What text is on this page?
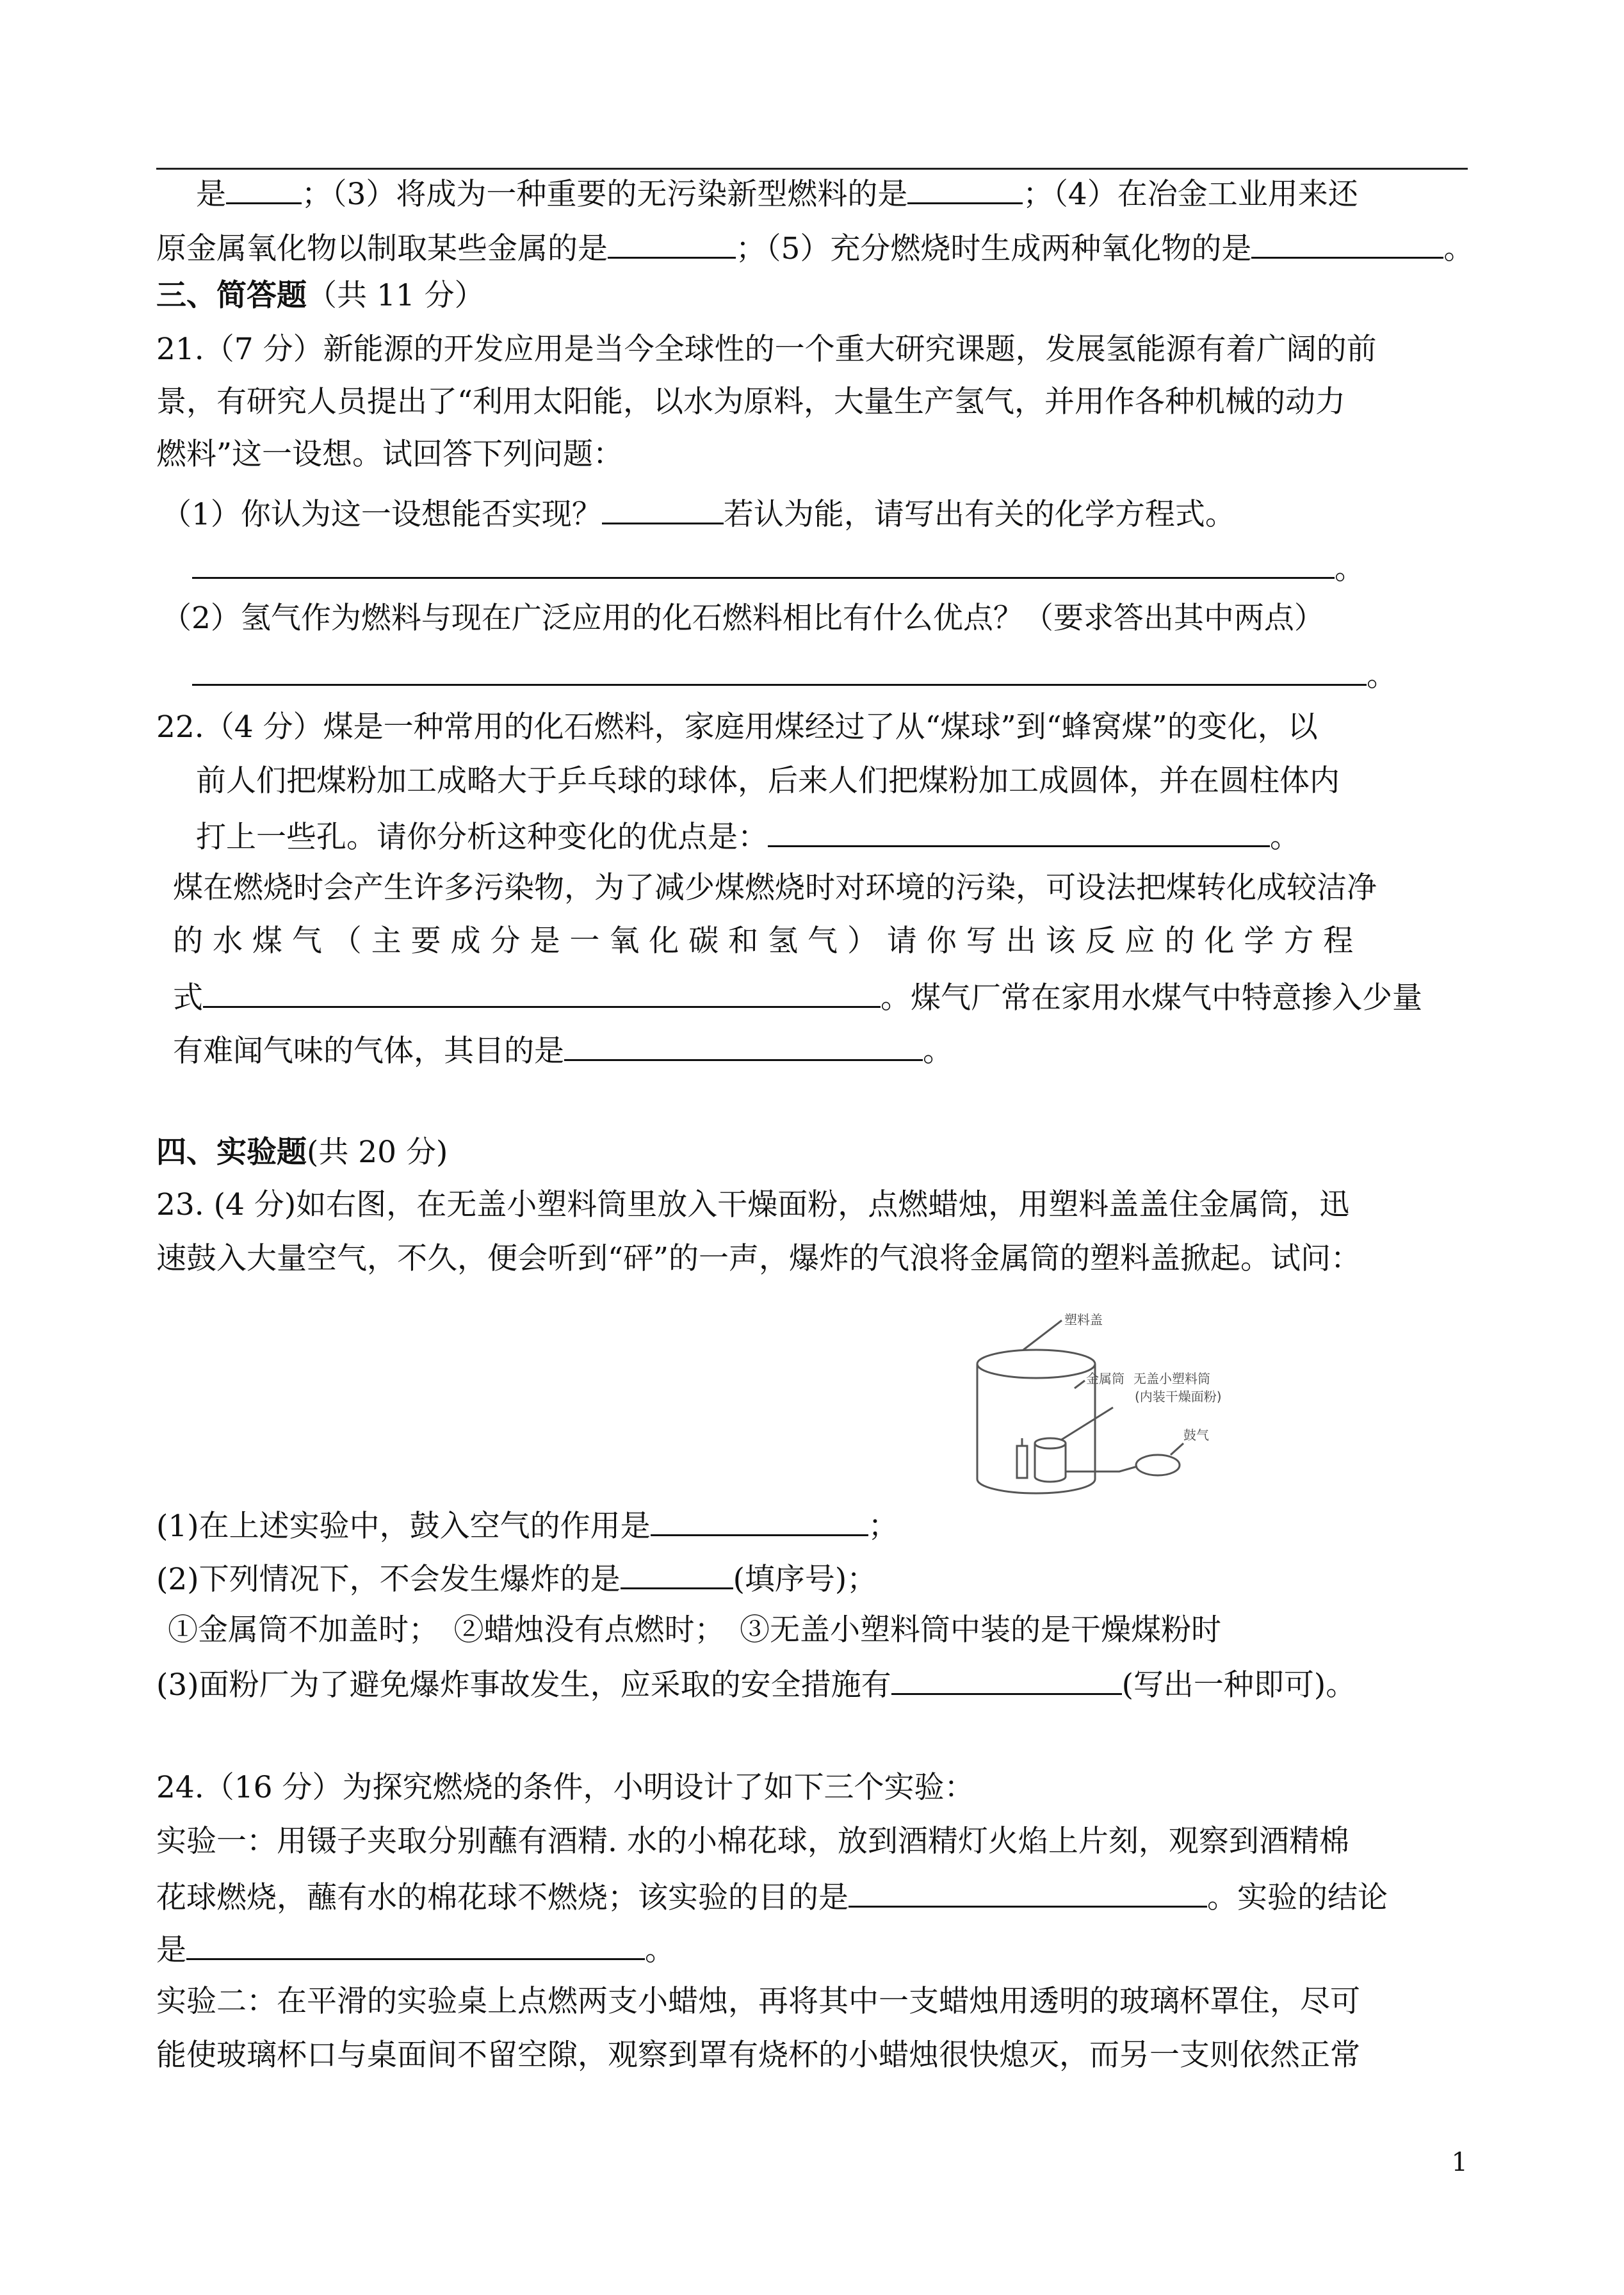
是	；（3）将成为一种重要的无污染新型燃料的是	；（4）在冶金工业用来还
原金属氧化物以制取某些金属的是	；（5）充分燃烧时生成两种氧化物的是	。
三、简答题（共 11 分）
21.（7 分）新能源的开发应用是当今全球性的一个重大研究课题，发展氢能源有着广阔的前
景，有研究人员提出了“利用太阳能，以水为原料，大量生产氢气，并用作各种机械的动力
燃料”这一设想。试回答下列问题：
（1）你认为这一设想能否实现？	若认为能，请写出有关的化学方程式。
。
（2）氢气作为燃料与现在广泛应用的化石燃料相比有什么优点？（要求答出其中两点）
。
22.（4 分）煤是一种常用的化石燃料，家庭用煤经过了从“煤球”到“蜂窝煤”的变化，以
前人们把煤粉加工成略大于乒乓球的球体，后来人们把煤粉加工成圆体，并在圆柱体内
打上一些孔。请你分析这种变化的优点是：	。
煤在燃烧时会产生许多污染物，为了减少煤燃烧时对环境的污染，可设法把煤转化成较洁净
的 水 煤 气 （ 主 要 成 分 是 一 氧 化 碳 和 氢 气 ） 请 你 写 出 该 反 应 的 化 学 方 程
式	。煤气厂常在家用水煤气中特意掺入少量
有难闻气味的气体，其目的是	。
四、实验题(共 20 分)
23. (4 分)如右图，在无盖小塑料筒里放入干燥面粉，点燃蜡烛，用塑料盖盖住金属筒，迅
速鼓入大量空气，不久，便会听到“砰”的一声，爆炸的气浪将金属筒的塑料盖掀起。试问：
塑料盖
金属筒 无盖小塑料筒
(内装干燥面粉)
鼓气
(1)在上述实验中，鼓入空气的作用是	；
(2)下列情况下，不会发生爆炸的是	(填序号)；
①金属筒不加盖时；　②蜡烛没有点燃时；　③无盖小塑料筒中装的是干燥煤粉时
(3)面粉厂为了避免爆炸事故发生，应采取的安全措施有	(写出一种即可)。
24.（16 分）为探究燃烧的条件，小明设计了如下三个实验：
实验一：用镊子夹取分别蘸有酒精. 水的小棉花球，放到酒精灯火焰上片刻，观察到酒精棉
花球燃烧，蘸有水的棉花球不燃烧；该实验的目的是	。实验的结论
是	。
实验二：在平滑的实验桌上点燃两支小蜡烛，再将其中一支蜡烛用透明的玻璃杯罩住，尽可
能使玻璃杯口与桌面间不留空隙，观察到罩有烧杯的小蜡烛很快熄灭，而另一支则依然正常
1
